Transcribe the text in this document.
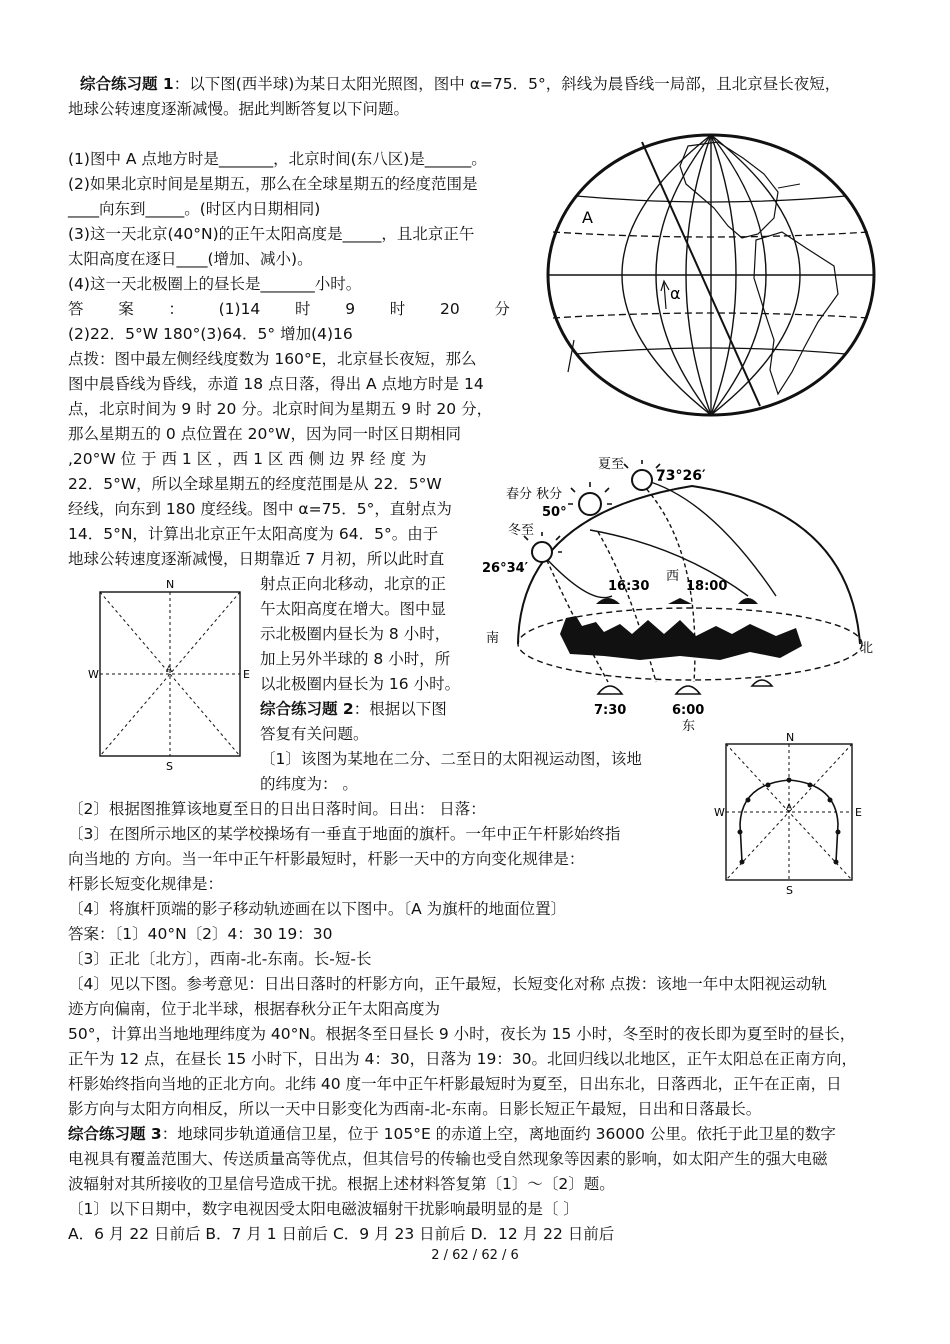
综合练习题 1：以下图(西半球)为某日太阳光照图，图中 α=75．5°，斜线为晨昏线一局部，且北京昼长夜短，
地球公转速度逐渐减慢。据此判断答复以下问题。
(1)图中 A 点地方时是_______，北京时间(东八区)是______。
(2)如果北京时间是星期五，那么在全球星期五的经度范围是
____向东到_____。(时区内日期相同)
(3)这一天北京(40°N)的正午太阳高度是_____，且北京正午
太阳高度在逐日____(增加、减小)。
(4)这一天北极圈上的昼长是_______小时。
答 案 ： (1)14 时 9 时 20 分
(2)22．5°W 180°(3)64．5° 增加(4)16
点拨：图中最左侧经线度数为 160°E，北京昼长夜短，那么
图中晨昏线为昏线，赤道 18 点日落，得出 A 点地方时是 14
点，北京时间为 9 时 20 分。北京时间为星期五 9 时 20 分，
那么星期五的 0 点位置在 20°W，因为同一时区日期相同
,20°W 位 于 西 1 区 ，西 1 区 西 侧 边 界 经 度 为
22．5°W，所以全球星期五的经度范围是从 22．5°W
经线，向东到 180 度经线。图中 α=75．5°，直射点为
14．5°N，计算出北京正午太阳高度为 64．5°。由于
地球公转速度逐渐减慢，日期靠近 7 月初，所以此时直
射点正向北移动，北京的正
午太阳高度在增大。图中显
示北极圈内昼长为 8 小时，
加上另外半球的 8 小时，所
以北极圈内昼长为 16 小时。
综合练习题 2：根据以下图
答复有关问题。
〔1〕该图为某地在二分、二至日的太阳视运动图，该地
的纬度为： 。
〔2〕根据图推算该地夏至日的日出日落时间。日出： 日落：
〔3〕在图所示地区的某学校操场有一垂直于地面的旗杆。一年中正午杆影始终指
向当地的 方向。当一年中正午杆影最短时，杆影一天中的方向变化规律是：
杆影长短变化规律是：
〔4〕将旗杆顶端的影子移动轨迹画在以下图中。〔A 为旗杆的地面位置〕
答案：〔1〕40°N〔2〕4：30 19：30
〔3〕正北〔北方〕，西南-北-东南。长-短-长
〔4〕见以下图。参考意见：日出日落时的杆影方向，正午最短，长短变化对称 点拨：该地一年中太阳视运动轨
迹方向偏南，位于北半球，根据春秋分正午太阳高度为
50°，计算出当地地理纬度为 40°N。根据冬至日昼长 9 小时，夜长为 15 小时，冬至时的夜长即为夏至时的昼长，
正午为 12 点，在昼长 15 小时下，日出为 4：30，日落为 19：30。北回归线以北地区，正午太阳总在正南方向，
杆影始终指向当地的正北方向。北纬 40 度一年中正午杆影最短时为夏至，日出东北，日落西北，正午在正南，日
影方向与太阳方向相反，所以一天中日影变化为西南-北-东南。日影长短正午最短，日出和日落最长。
综合练习题 3：地球同步轨道通信卫星，位于 105°E 的赤道上空，离地面约 36000 公里。依托于此卫星的数字
电视具有覆盖范围大、传送质量高等优点，但其信号的传输也受自然现象等因素的影响，如太阳产生的强大电磁
波辐射对其所接收的卫星信号造成干扰。根据上述材料答复第〔1〕～〔2〕题。
〔1〕以下日期中，数字电视因受太阳电磁波辐射干扰影响最明显的是〔 〕
A．6 月 22 日前后 B．7 月 1 日前后 C．9 月 23 日前后 D．12 月 22 日前后
2 / 62 / 62 / 6
α
A
夏至
73°26′
春分 秋分
50°
冬至
26°34′
16:30
西
18:00
南
北
7:30	6:00
东
N
S
W	E
A
N
S
W	E
A
